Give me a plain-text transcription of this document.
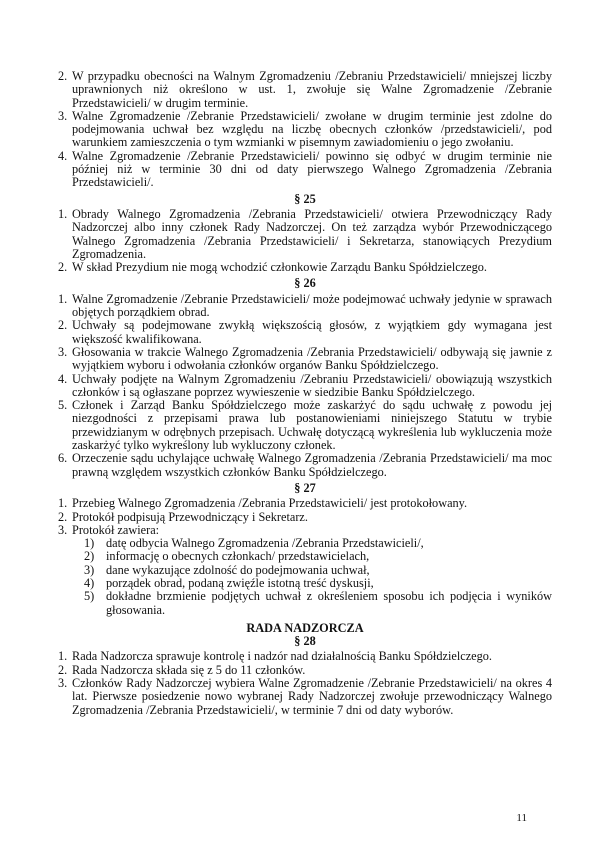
2. W przypadku obecności na Walnym Zgromadzeniu /Zebraniu Przedstawicieli/ mniejszej liczby uprawnionych niż określono w ust. 1, zwołuje się Walne Zgromadzenie /Zebranie Przedstawicieli/ w drugim terminie.
3. Walne Zgromadzenie /Zebranie Przedstawicieli/ zwołane w drugim terminie jest zdolne do podejmowania uchwał bez względu na liczbę obecnych członków /przedstawicieli/, pod warunkiem zamieszczenia o tym wzmianki w pisemnym zawiadomieniu o jego zwołaniu.
4. Walne Zgromadzenie /Zebranie Przedstawicieli/ powinno się odbyć w drugim terminie nie później niż w terminie 30 dni od daty pierwszego Walnego Zgromadzenia /Zebrania Przedstawicieli/.
§ 25
1. Obrady Walnego Zgromadzenia /Zebrania Przedstawicieli/ otwiera Przewodniczący Rady Nadzorczej albo inny członek Rady Nadzorczej. On też zarządza wybór Przewodniczącego Walnego Zgromadzenia /Zebrania Przedstawicieli/ i Sekretarza, stanowiących Prezydium Zgromadzenia.
2. W skład Prezydium nie mogą wchodzić członkowie Zarządu Banku Spółdzielczego.
§ 26
1. Walne Zgromadzenie /Zebranie Przedstawicieli/ może podejmować uchwały jedynie w sprawach objętych porządkiem obrad.
2. Uchwały są podejmowane zwykłą większością głosów, z wyjątkiem gdy wymagana jest większość kwalifikowana.
3. Głosowania w trakcie Walnego Zgromadzenia /Zebrania Przedstawicieli/ odbywają się jawnie z wyjątkiem wyboru i odwołania członków organów Banku Spółdzielczego.
4. Uchwały podjęte na Walnym Zgromadzeniu /Zebraniu Przedstawicieli/ obowiązują wszystkich członków i są ogłaszane poprzez wywieszenie w siedzibie Banku Spółdzielczego.
5. Członek i Zarząd Banku Spółdzielczego może zaskarżyć do sądu uchwałę z powodu jej niezgodności z przepisami prawa lub postanowieniami niniejszego Statutu w trybie przewidzianym w odrębnych przepisach. Uchwałę dotyczącą wykreślenia lub wykluczenia może zaskarżyć tylko wykreślony lub wykluczony członek.
6. Orzeczenie sądu uchylające uchwałę Walnego Zgromadzenia /Zebrania Przedstawicieli/ ma moc prawną względem wszystkich członków Banku Spółdzielczego.
§ 27
1. Przebieg Walnego Zgromadzenia /Zebrania Przedstawicieli/ jest protokołowany.
2. Protokół podpisują Przewodniczący i Sekretarz.
3. Protokół zawiera:
1) datę odbycia Walnego Zgromadzenia /Zebrania Przedstawicieli/,
2) informację o obecnych członkach/ przedstawicielach,
3) dane wykazujące zdolność do podejmowania uchwał,
4) porządek obrad, podaną zwięźle istotną treść dyskusji,
5) dokładne brzmienie podjętych uchwał z określeniem sposobu ich podjęcia i wyników głosowania.
RADA NADZORCZA
§ 28
1. Rada Nadzorcza sprawuje kontrolę i nadzór nad działalnością Banku Spółdzielczego.
2. Rada Nadzorcza składa się z 5 do 11 członków.
3. Członków Rady Nadzorczej wybiera Walne Zgromadzenie /Zebranie Przedstawicieli/ na okres 4 lat. Pierwsze posiedzenie nowo wybranej Rady Nadzorczej zwołuje przewodniczący Walnego Zgromadzenia /Zebrania Przedstawicieli/, w terminie 7 dni od daty wyborów.
11
